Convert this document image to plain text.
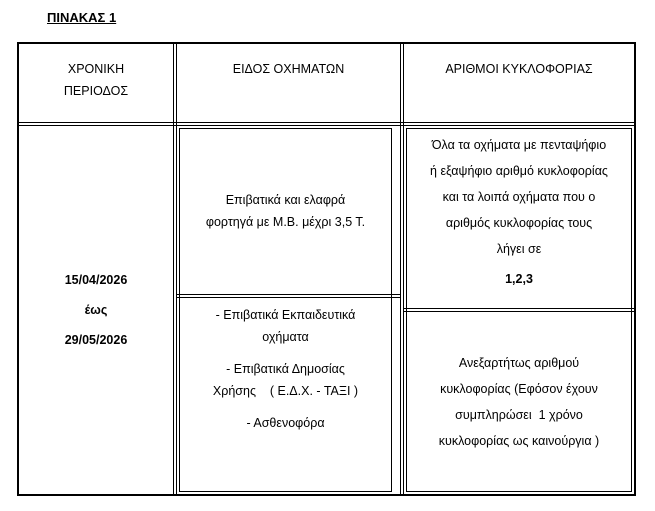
ΠΙΝΑΚΑΣ 1

ΧΡΟΝΙΚΗ

ΠΕΡΙΟΔΟΣ

ΕΙΔΟΣ ΟΧΗΜΑΤΩΝ	ΑΡΙΘΜΟΙ ΚΥΚΛΟΦΟΡΙΑΣ

15/04/2026

έως

29/05/2026

Επιβατικά και ελαφρά

φορτηγά με Μ.Β. μέχρι 3,5 Τ.

- Επιβατικά Εκπαιδευτικά

οχήματα

- Επιβατικά Δημοσίας

Χρήσης    ( Ε.Δ.Χ. - ΤΑΞΙ )

- Ασθενοφόρα

Όλα τα οχήματα με πενταψήφιο

ή εξαψήφιο αριθμό κυκλοφορίας

και τα λοιπά οχήματα που ο

αριθμός κυκλοφορίας τους

λήγει σε

1,2,3

Ανεξαρτήτως αριθμού

κυκλοφορίας (Εφόσον έχουν

συμπληρώσει  1 χρόνο

κυκλοφορίας ως καινούργια )
